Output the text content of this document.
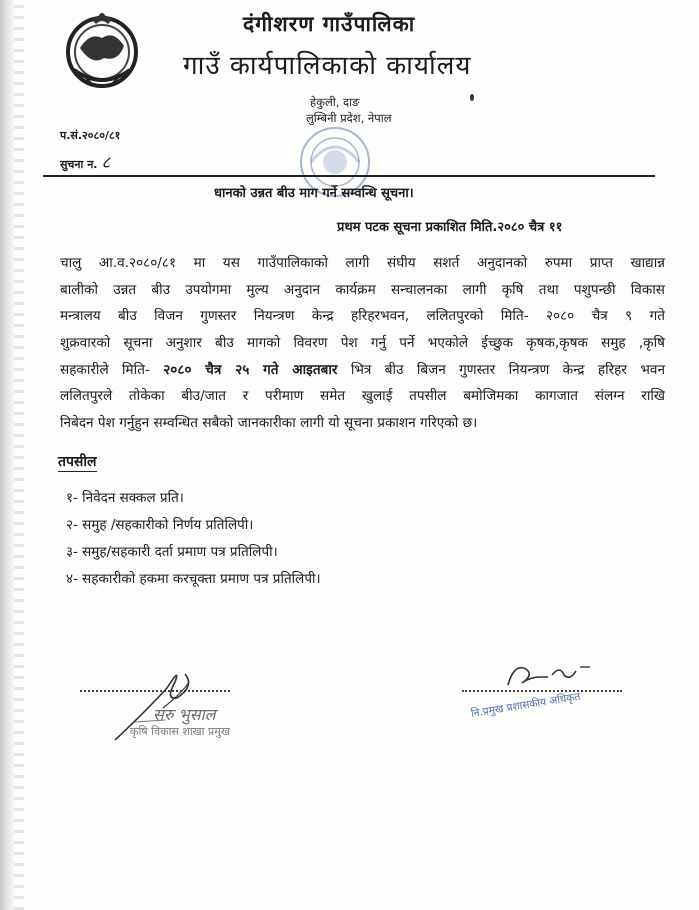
दंगीशरण गाउँपालिका
गाउँ कार्यपालिकाको कार्यालय
हेकुली, दाङ
लुम्बिनी प्रदेश, नेपाल
प.सं.२०८०/८१
सुचना न. ८
धानको उन्नत बीउ माग गर्ने सम्वन्धि सूचना।
प्रथम पटक सूचना प्रकाशित मिति.२०८० चैत्र ११
चालु आ.व.२०८०/८१ मा यस गाउँपालिकाको लागी संघीय सशर्त अनुदानको रुपमा प्राप्त खाद्यान्न
बालीको उन्नत बीउ उपयोगमा मुल्य अनुदान कार्यक्रम सन्चालनका लागी कृषि तथा पशुपन्छी विकास
मन्त्रालय बीउ विजन गुणस्तर नियन्त्रण केन्द्र हरिहरभवन, ललितपुरको मिति- २०८० चैत्र ९ गते
शुक्रवारको सूचना अनुशार बीउ मागको विवरण पेश गर्नु पर्ने भएकोले ईच्छुक कृषक,कृषक समुह ,कृषि
सहकारीले मिति- २०८० चैत्र २५ गते आइतबार भित्र बीउ बिजन गुणस्तर नियन्त्रण केन्द्र हरिहर भवन
ललितपुरले तोकेका बीउ/जात र परीमाण समेत खुलाई तपसील बमोजिमका कागजात संलग्न राखि
निबेदन पेश गर्नुहुन सम्वन्धित सबैको जानकारीका लागी यो सूचना प्रकाशन गरिएको छ।
तपसील
१- निवेदन सक्कल प्रति।
२- समुह /सहकारीको निर्णय प्रतिलिपी।
३- समुह/सहकारी दर्ता प्रमाण पत्र प्रतिलिपी।
४- सहकारीको हकमा करचूक्ता प्रमाण पत्र प्रतिलिपी।
सरु भुसाल
कृषि विकास शाखा प्रमुख
नि.प्रमुख प्रशासकीय अधिकृत
